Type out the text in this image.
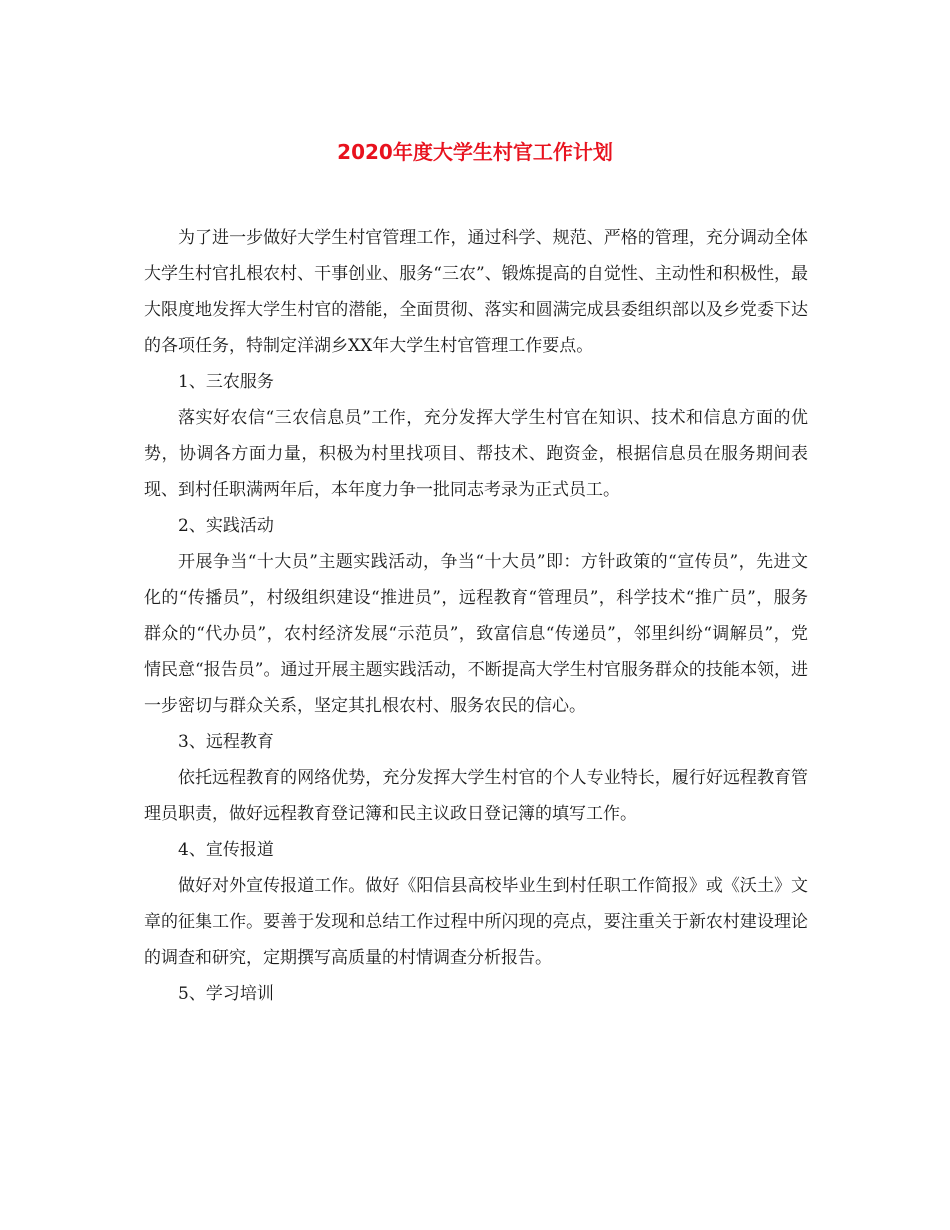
2020年度大学生村官工作计划

为了进一步做好大学生村官管理工作，通过科学、规范、严格的管理，充分调动全体大学生村官扎根农村、干事创业、服务“三农”、锻炼提高的自觉性、主动性和积极性，最大限度地发挥大学生村官的潜能，全面贯彻、落实和圆满完成县委组织部以及乡党委下达的各项任务，特制定洋湖乡XX年大学生村官管理工作要点。

1、三农服务

落实好农信“三农信息员”工作，充分发挥大学生村官在知识、技术和信息方面的优势，协调各方面力量，积极为村里找项目、帮技术、跑资金，根据信息员在服务期间表现、到村任职满两年后，本年度力争一批同志考录为正式员工。

2、实践活动

开展争当“十大员”主题实践活动，争当“十大员”即：方针政策的“宣传员”，先进文化的“传播员”，村级组织建设“推进员”，远程教育“管理员”，科学技术“推广员”，服务群众的“代办员”，农村经济发展“示范员”，致富信息“传递员”，邻里纠纷“调解员”，党情民意“报告员”。通过开展主题实践活动，不断提高大学生村官服务群众的技能本领，进一步密切与群众关系，坚定其扎根农村、服务农民的信心。

3、远程教育

依托远程教育的网络优势，充分发挥大学生村官的个人专业特长，履行好远程教育管理员职责，做好远程教育登记簿和民主议政日登记簿的填写工作。

4、宣传报道

做好对外宣传报道工作。做好《阳信县高校毕业生到村任职工作简报》或《沃土》文章的征集工作。要善于发现和总结工作过程中所闪现的亮点，要注重关于新农村建设理论的调查和研究，定期撰写高质量的村情调查分析报告。

5、学习培训
